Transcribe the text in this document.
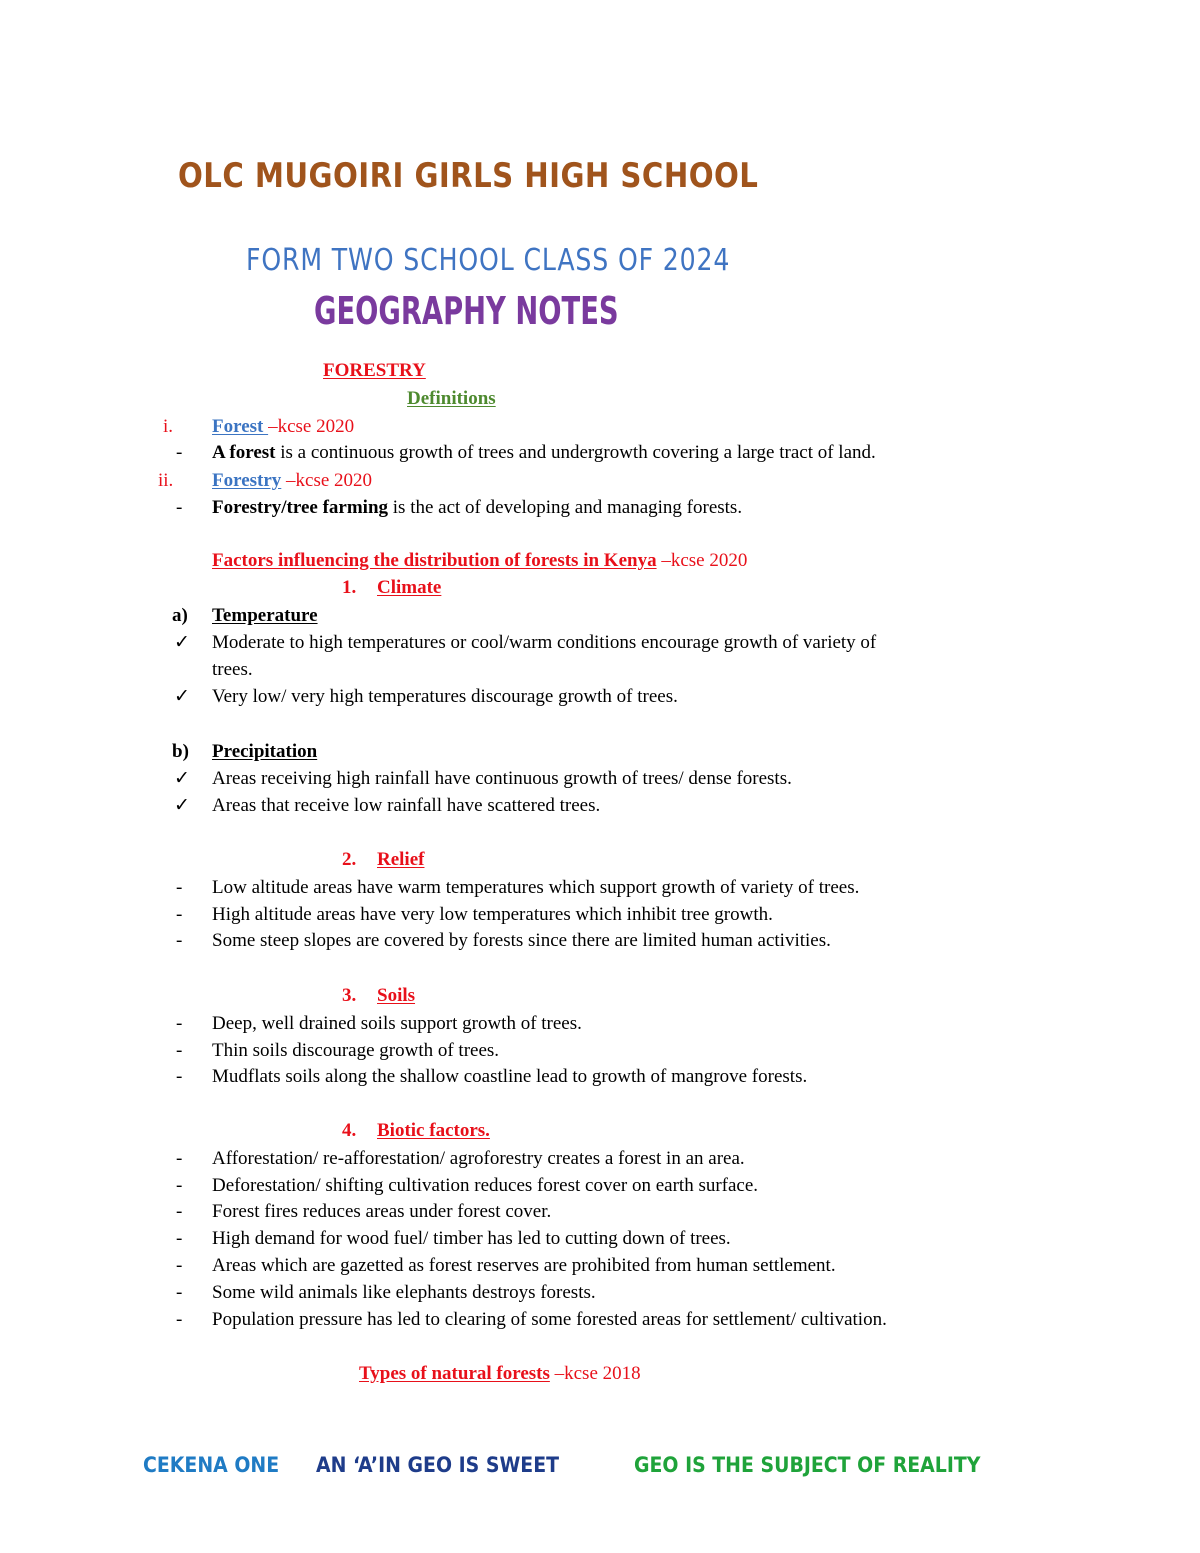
OLC MUGOIRI GIRLS HIGH SCHOOL
FORM TWO SCHOOL CLASS OF 2024
GEOGRAPHY NOTES
FORESTRY
Definitions
i. Forest –kcse 2020
- A forest is a continuous growth of trees and undergrowth covering a large tract of land.
ii. Forestry –kcse 2020
- Forestry/tree farming is the act of developing and managing forests.
Factors influencing the distribution of forests in Kenya –kcse 2020
1. Climate
a) Temperature
✓ Moderate to high temperatures or cool/warm conditions encourage growth of variety of
trees.
✓ Very low/ very high temperatures discourage growth of trees.
b) Precipitation
✓ Areas receiving high rainfall have continuous growth of trees/ dense forests.
✓ Areas that receive low rainfall have scattered trees.
2. Relief
- Low altitude areas have warm temperatures which support growth of variety of trees.
- High altitude areas have very low temperatures which inhibit tree growth.
- Some steep slopes are covered by forests since there are limited human activities.
3. Soils
- Deep, well drained soils support growth of trees.
- Thin soils discourage growth of trees.
- Mudflats soils along the shallow coastline lead to growth of mangrove forests.
4. Biotic factors.
- Afforestation/ re-afforestation/ agroforestry creates a forest in an area.
- Deforestation/ shifting cultivation reduces forest cover on earth surface.
- Forest fires reduces areas under forest cover.
- High demand for wood fuel/ timber has led to cutting down of trees.
- Areas which are gazetted as forest reserves are prohibited from human settlement.
- Some wild animals like elephants destroys forests.
- Population pressure has led to clearing of some forested areas for settlement/ cultivation.
Types of natural forests –kcse 2018
CEKENA ONE AN ‘A’IN GEO IS SWEET	GEO IS THE SUBJECT OF REALITY
